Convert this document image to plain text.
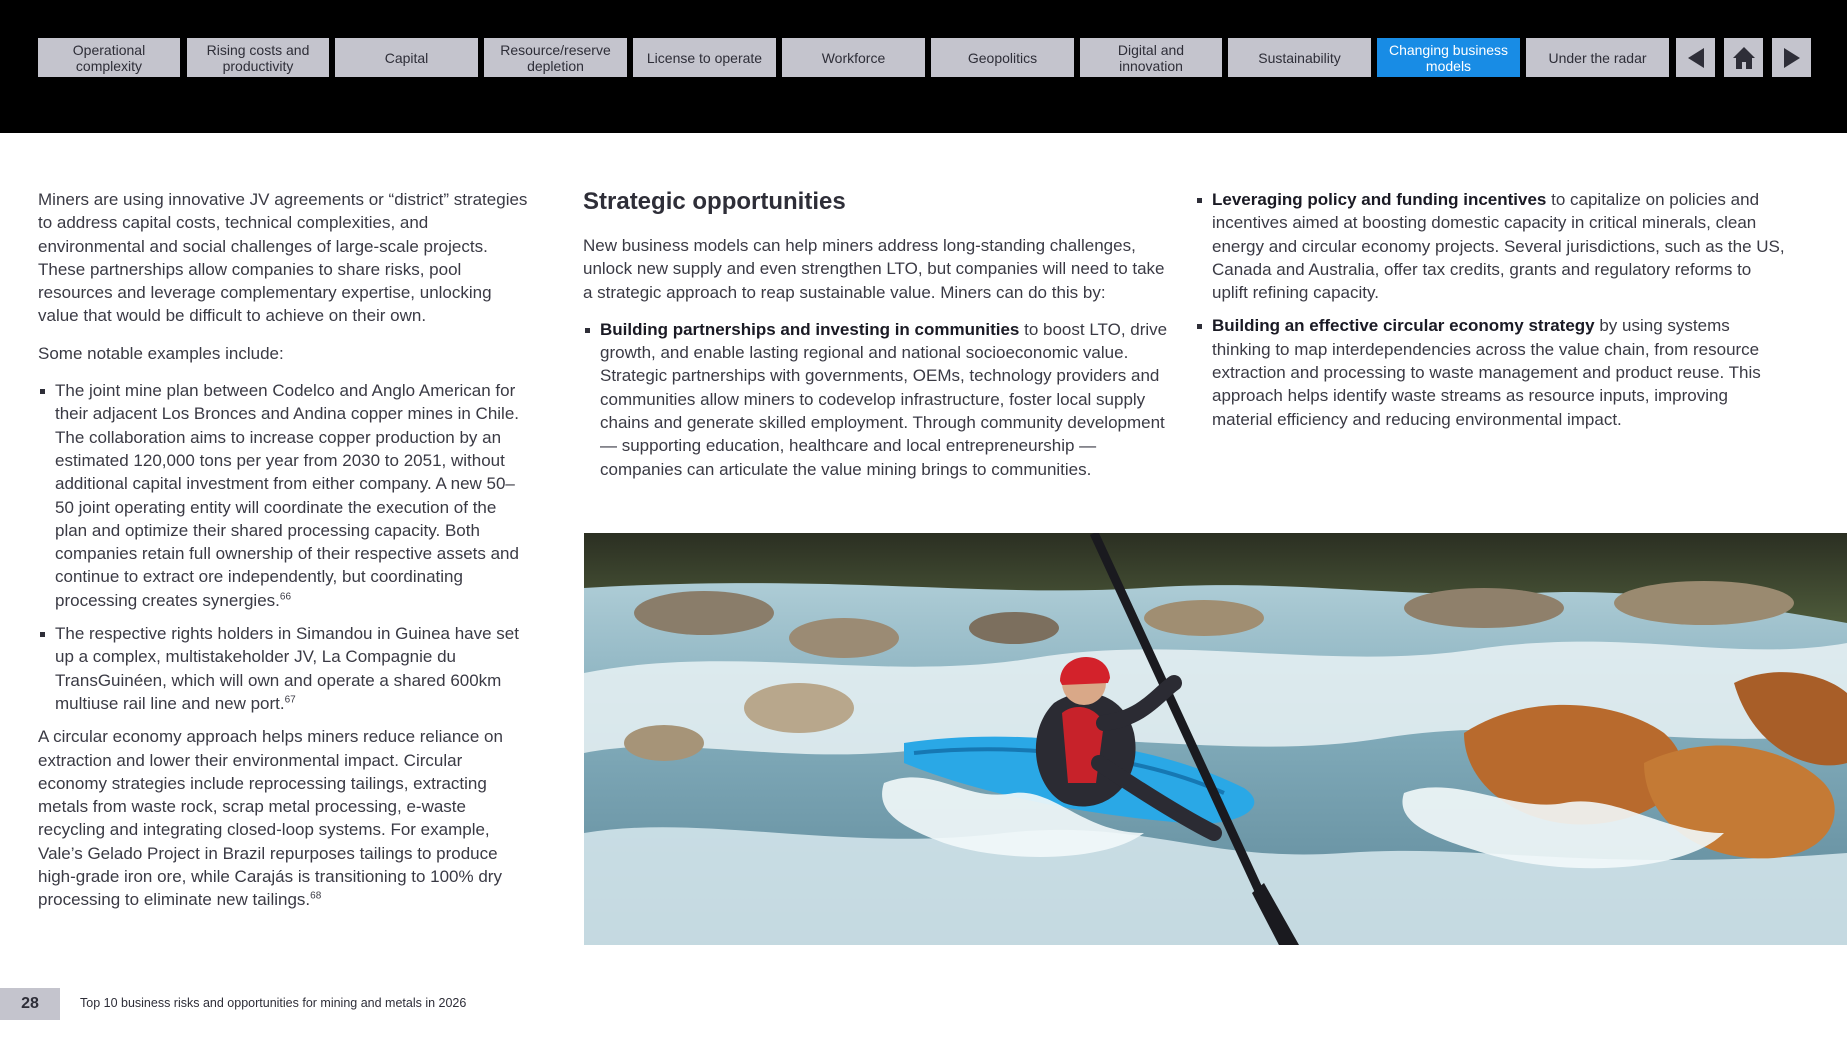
Operational complexity
Rising costs and productivity	Capital	Resource/reserve depletion	License to operate	Workforce	Geopolitics	Digital and innovation	Sustainability	Changing business models	Under the radar

Miners are using innovative JV agreements or “district” strategies to address capital costs, technical complexities, and environmental and social challenges of large-scale projects. These partnerships allow companies to share risks, pool resources and leverage complementary expertise, unlocking value that would be difficult to achieve on their own.

Some notable examples include:

The joint mine plan between Codelco and Anglo American for their adjacent Los Bronces and Andina copper mines in Chile. The collaboration aims to increase copper production by an estimated 120,000 tons per year from 2030 to 2051, without additional capital investment from either company. A new 50–50 joint operating entity will coordinate the execution of the plan and optimize their shared processing capacity. Both companies retain full ownership of their respective assets and continue to extract ore independently, but coordinating processing creates synergies.$^{66}$
The respective rights holders in Simandou in Guinea have set up a complex, multistakeholder JV, La Compagnie du TransGuinéen, which will own and operate a shared 600km multiuse rail line and new port.$^{67}$

A circular economy approach helps miners reduce reliance on extraction and lower their environmental impact. Circular economy strategies include reprocessing tailings, extracting metals from waste rock, scrap metal processing, e-waste recycling and integrating closed-loop systems. For example, Vale’s Gelado Project in Brazil repurposes tailings to produce high-grade iron ore, while Carajás is transitioning to 100% dry processing to eliminate new tailings.$^{68}$

Strategic opportunities

New business models can help miners address long-standing challenges, unlock new supply and even strengthen LTO, but companies will need to take a strategic approach to reap sustainable value. Miners can do this by:

Building partnerships and investing in communities to boost LTO, drive growth, and enable lasting regional and national socioeconomic value. Strategic partnerships with governments, OEMs, technology providers and communities allow miners to codevelop infrastructure, foster local supply chains and generate skilled employment. Through community development — supporting education, healthcare and local entrepreneurship — companies can articulate the value mining brings to communities.
Leveraging policy and funding incentives to capitalize on policies and incentives aimed at boosting domestic capacity in critical minerals, clean energy and circular economy projects. Several jurisdictions, such as the US, Canada and Australia, offer tax credits, grants and regulatory reforms to uplift refining capacity.
Building an effective circular economy strategy by using systems thinking to map interdependencies across the value chain, from resource extraction and processing to waste management and product reuse. This approach helps identify waste streams as resource inputs, improving material efficiency and reducing environmental impact.
28	Top 10 business risks and opportunities for mining and metals in 2026
